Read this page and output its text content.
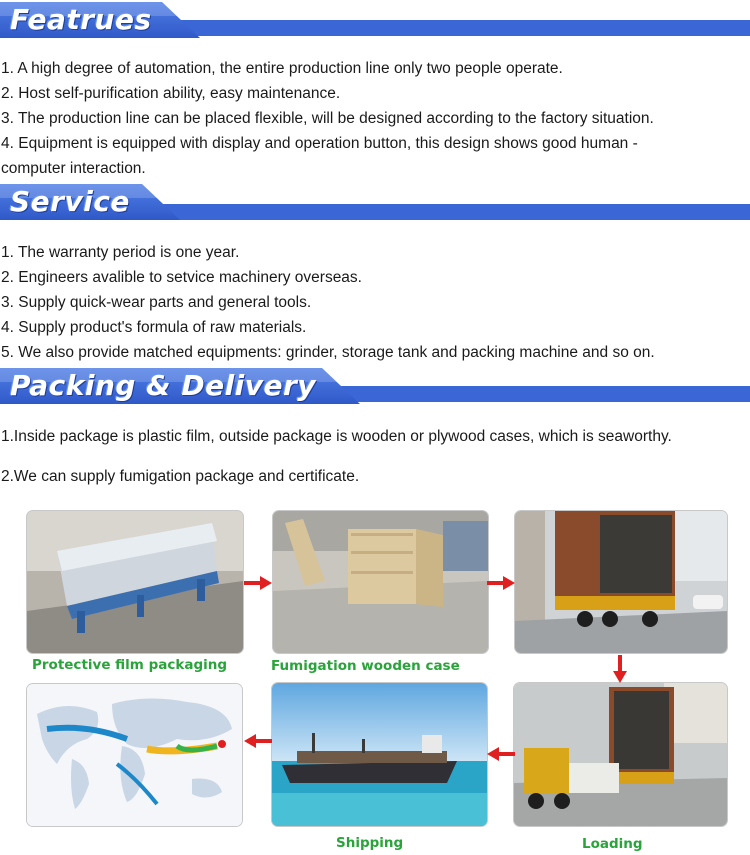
Featrues
1. A high degree of automation, the entire production line only two people operate.
2. Host self-purification ability, easy maintenance.
3. The production line can be placed flexible, will be designed according to the factory situation.
4. Equipment is equipped with display and operation button, this design shows good human -
computer interaction.
Service
1. The warranty period is one year.
2. Engineers avalible to setvice machinery overseas.
3. Supply quick-wear parts and general tools.
4. Supply product's formula of raw materials.
5. We also provide matched equipments: grinder, storage tank and packing machine and so on.
Packing & Delivery
1.Inside package is plastic film, outside package is wooden or plywood cases, which is seaworthy.
2.We can supply fumigation package and certificate.
Protective film packaging	Fumigation wooden case
Loading
Shipping
